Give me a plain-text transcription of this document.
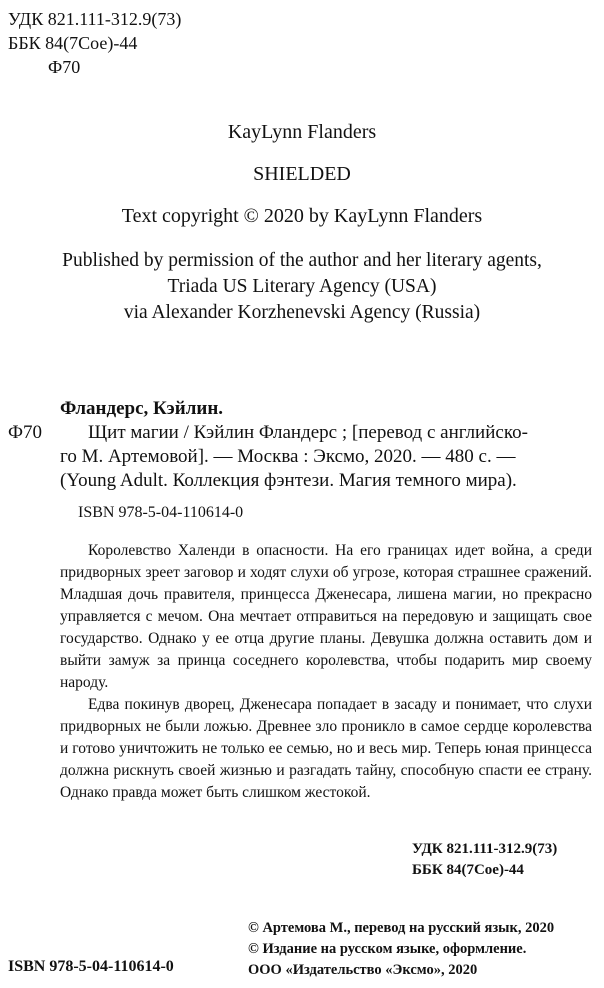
УДК 821.111-312.9(73)
ББК 84(7Сое)-44
Ф70
KayLynn Flanders
SHIELDED
Text copyright © 2020 by KayLynn Flanders
Published by permission of the author and her literary agents,
Triada US Literary Agency (USA)
via Alexander Korzhenevski Agency (Russia)
Фландерс, Кэйлин.
Ф70 Щит магии / Кэйлин Фландерс ; [перевод с английско-
го М. Артемовой]. — Москва : Эксмо, 2020. — 480 с. —
(Young Adult. Коллекция фэнтези. Магия темного мира).
ISBN 978-5-04-110614-0

Королевство Халенди в опасности. На его границах идет война, а среди придворных зреет заговор и ходят слухи об угрозе, которая страшнее сражений. Младшая дочь правителя, принцесса Дженесара, лишена магии, но прекрасно управляется с мечом. Она мечтает отправиться на передовую и защищать свое государство. Однако у ее отца другие планы. Девушка должна оставить дом и выйти замуж за принца соседнего королевства, чтобы подарить мир своему народу.

Едва покинув дворец, Дженесара попадает в засаду и понимает, что слухи придворных не были ложью. Древнее зло проникло в самое сердце королевства и готово уничтожить не только ее семью, но и весь мир. Теперь юная принцесса должна рискнуть своей жизнью и разгадать тайну, способную спасти ее страну. Однако правда может быть слишком жестокой.

УДК 821.111-312.9(73)
ББК 84(7Сое)-44
© Артемова М., перевод на русский язык, 2020
© Издание на русском языке, оформление.
ООО «Издательство «Эксмо», 2020
ISBN 978-5-04-110614-0
